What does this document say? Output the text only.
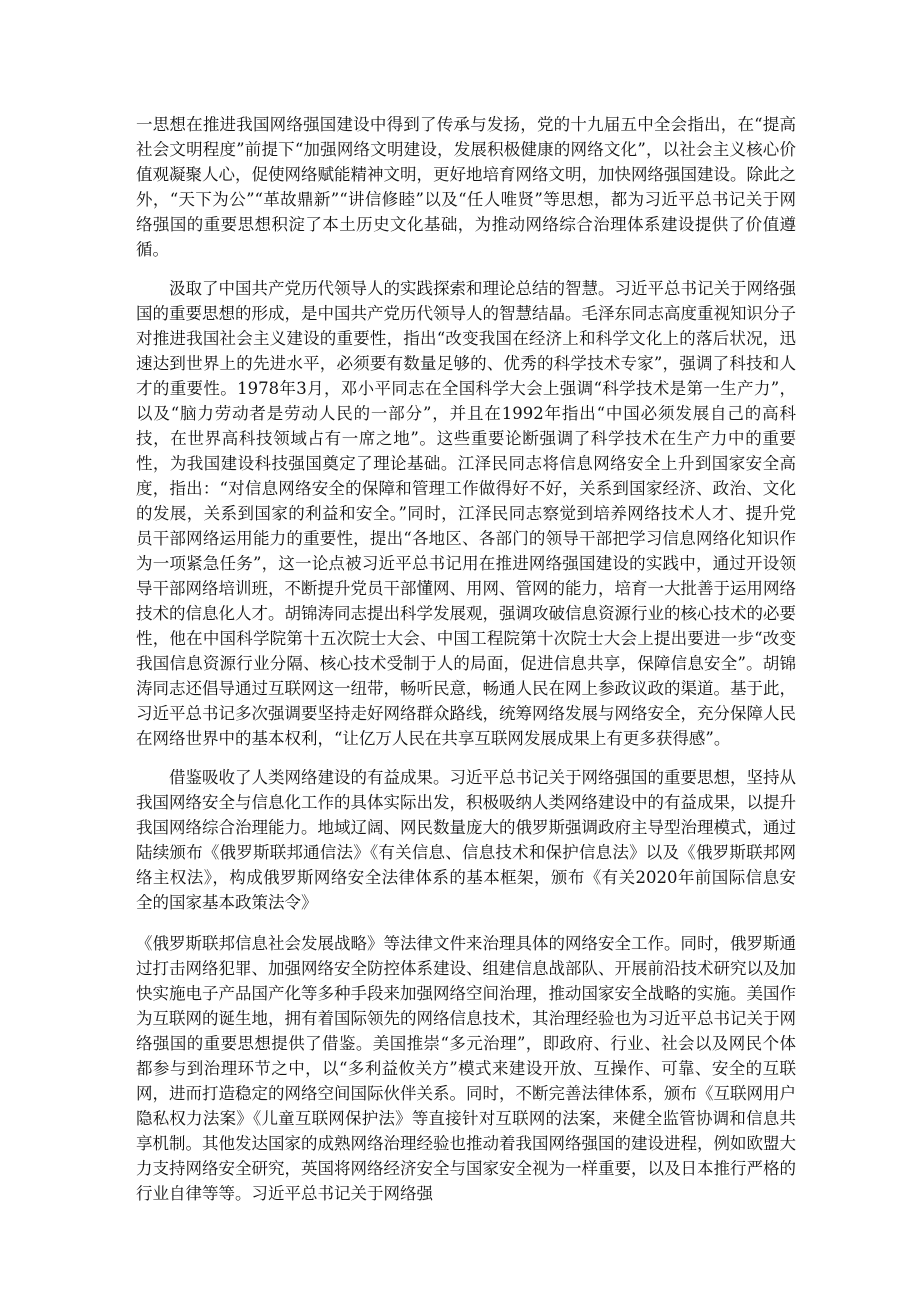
一思想在推进我国网络强国建设中得到了传承与发扬，党的十九届五中全会指出，在“提高社会文明程度”前提下“加强网络文明建设，发展积极健康的网络文化”，以社会主义核心价值观凝聚人心，促使网络赋能精神文明，更好地培育网络文明，加快网络强国建设。除此之外，“天下为公”“革故鼎新”“讲信修睦”以及“任人唯贤”等思想，都为习近平总书记关于网络强国的重要思想积淀了本土历史文化基础，为推动网络综合治理体系建设提供了价值遵循。

汲取了中国共产党历代领导人的实践探索和理论总结的智慧。习近平总书记关于网络强国的重要思想的形成，是中国共产党历代领导人的智慧结晶。毛泽东同志高度重视知识分子对推进我国社会主义建设的重要性，指出“改变我国在经济上和科学文化上的落后状况，迅速达到世界上的先进水平，必须要有数量足够的、优秀的科学技术专家”，强调了科技和人才的重要性。1978年3月，邓小平同志在全国科学大会上强调“科学技术是第一生产力”，以及“脑力劳动者是劳动人民的一部分”，并且在1992年指出“中国必须发展自己的高科技，在世界高科技领域占有一席之地”。这些重要论断强调了科学技术在生产力中的重要性，为我国建设科技强国奠定了理论基础。江泽民同志将信息网络安全上升到国家安全高度，指出：“对信息网络安全的保障和管理工作做得好不好，关系到国家经济、政治、文化的发展，关系到国家的利益和安全。”同时，江泽民同志察觉到培养网络技术人才、提升党员干部网络运用能力的重要性，提出“各地区、各部门的领导干部把学习信息网络化知识作为一项紧急任务”，这一论点被习近平总书记用在推进网络强国建设的实践中，通过开设领导干部网络培训班，不断提升党员干部懂网、用网、管网的能力，培育一大批善于运用网络技术的信息化人才。胡锦涛同志提出科学发展观，强调攻破信息资源行业的核心技术的必要性，他在中国科学院第十五次院士大会、中国工程院第十次院士大会上提出要进一步“改变我国信息资源行业分隔、核心技术受制于人的局面，促进信息共享，保障信息安全”。胡锦涛同志还倡导通过互联网这一纽带，畅听民意，畅通人民在网上参政议政的渠道。基于此，习近平总书记多次强调要坚持走好网络群众路线，统筹网络发展与网络安全，充分保障人民在网络世界中的基本权利，“让亿万人民在共享互联网发展成果上有更多获得感”。

借鉴吸收了人类网络建设的有益成果。习近平总书记关于网络强国的重要思想，坚持从我国网络安全与信息化工作的具体实际出发，积极吸纳人类网络建设中的有益成果，以提升我国网络综合治理能力。地域辽阔、网民数量庞大的俄罗斯强调政府主导型治理模式，通过陆续颁布《俄罗斯联邦通信法》《有关信息、信息技术和保护信息法》以及《俄罗斯联邦网络主权法》，构成俄罗斯网络安全法律体系的基本框架，颁布《有关2020年前国际信息安全的国家基本政策法令》

《俄罗斯联邦信息社会发展战略》等法律文件来治理具体的网络安全工作。同时，俄罗斯通过打击网络犯罪、加强网络安全防控体系建设、组建信息战部队、开展前沿技术研究以及加快实施电子产品国产化等多种手段来加强网络空间治理，推动国家安全战略的实施。美国作为互联网的诞生地，拥有着国际领先的网络信息技术，其治理经验也为习近平总书记关于网络强国的重要思想提供了借鉴。美国推崇“多元治理”，即政府、行业、社会以及网民个体都参与到治理环节之中，以“多利益攸关方”模式来建设开放、互操作、可靠、安全的互联网，进而打造稳定的网络空间国际伙伴关系。同时，不断完善法律体系，颁布《互联网用户隐私权力法案》《儿童互联网保护法》等直接针对互联网的法案，来健全监管协调和信息共享机制。其他发达国家的成熟网络治理经验也推动着我国网络强国的建设进程，例如欧盟大力支持网络安全研究，英国将网络经济安全与国家安全视为一样重要，以及日本推行严格的行业自律等等。习近平总书记关于网络强
